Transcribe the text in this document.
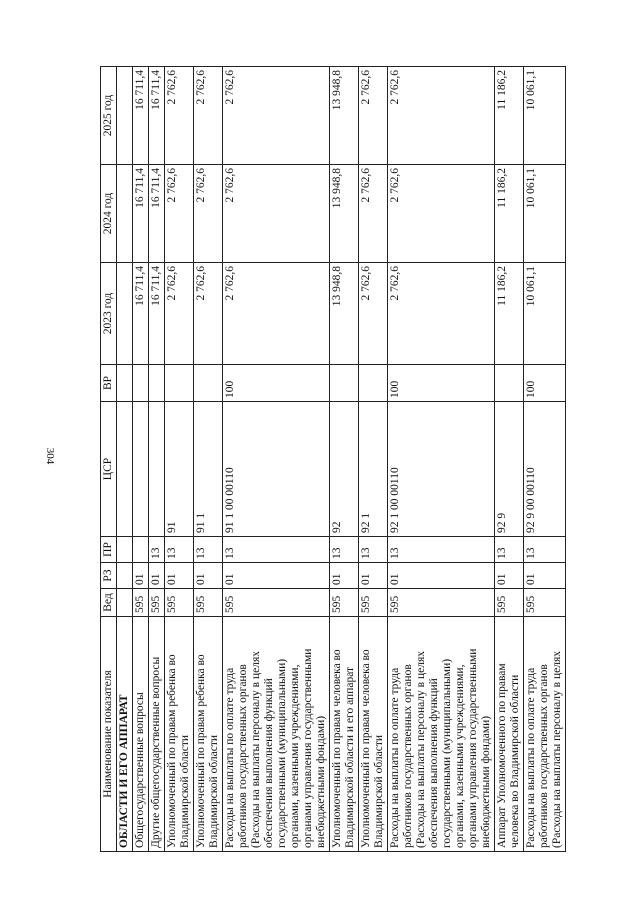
304
Наименование показателя	Вед	РЗ	ПР	ЦСР	ВР	2023 год	2024 год	2025 год
ОБЛАСТИ И ЕГО АППАРАТ								
Общегосударственные вопросы	595	01				16 711,4	16 711,4	16 711,4
Другие общегосударственные вопросы	595	01	13			16 711,4	16 711,4	16 711,4
Уполномоченный по правам ребенка во Владимирской области	595	01	13	91		2 762,6	2 762,6	2 762,6
Уполномоченный по правам ребенка во Владимирской области	595	01	13	91 1		2 762,6	2 762,6	2 762,6
Расходы на выплаты по оплате труда работников государственных органов (Расходы на выплаты персоналу в целях обеспечения выполнения функций государственными (муниципальными) органами, казенными учреждениями, органами управления государственными внебюджетными фондами)	595	01	13	91 1 00 00110	100	2 762,6	2 762,6	2 762,6
Уполномоченный по правам человека во Владимирской области и его аппарат	595	01	13	92		13 948,8	13 948,8	13 948,8
Уполномоченный по правам человека во Владимирской области	595	01	13	92 1		2 762,6	2 762,6	2 762,6
Расходы на выплаты по оплате труда работников государственных органов (Расходы на выплаты персоналу в целях обеспечения выполнения функций государственными (муниципальными) органами, казенными учреждениями, органами управления государственными внебюджетными фондами)	595	01	13	92 1 00 00110	100	2 762,6	2 762,6	2 762,6
Аппарат Уполномоченного по правам человека во Владимирской области	595	01	13	92 9		11 186,2	11 186,2	11 186,2
Расходы на выплаты по оплате труда работников государственных органов (Расходы на выплаты персоналу в целях	595	01	13	92 9 00 00110	100	10 061,1	10 061,1	10 061,1
